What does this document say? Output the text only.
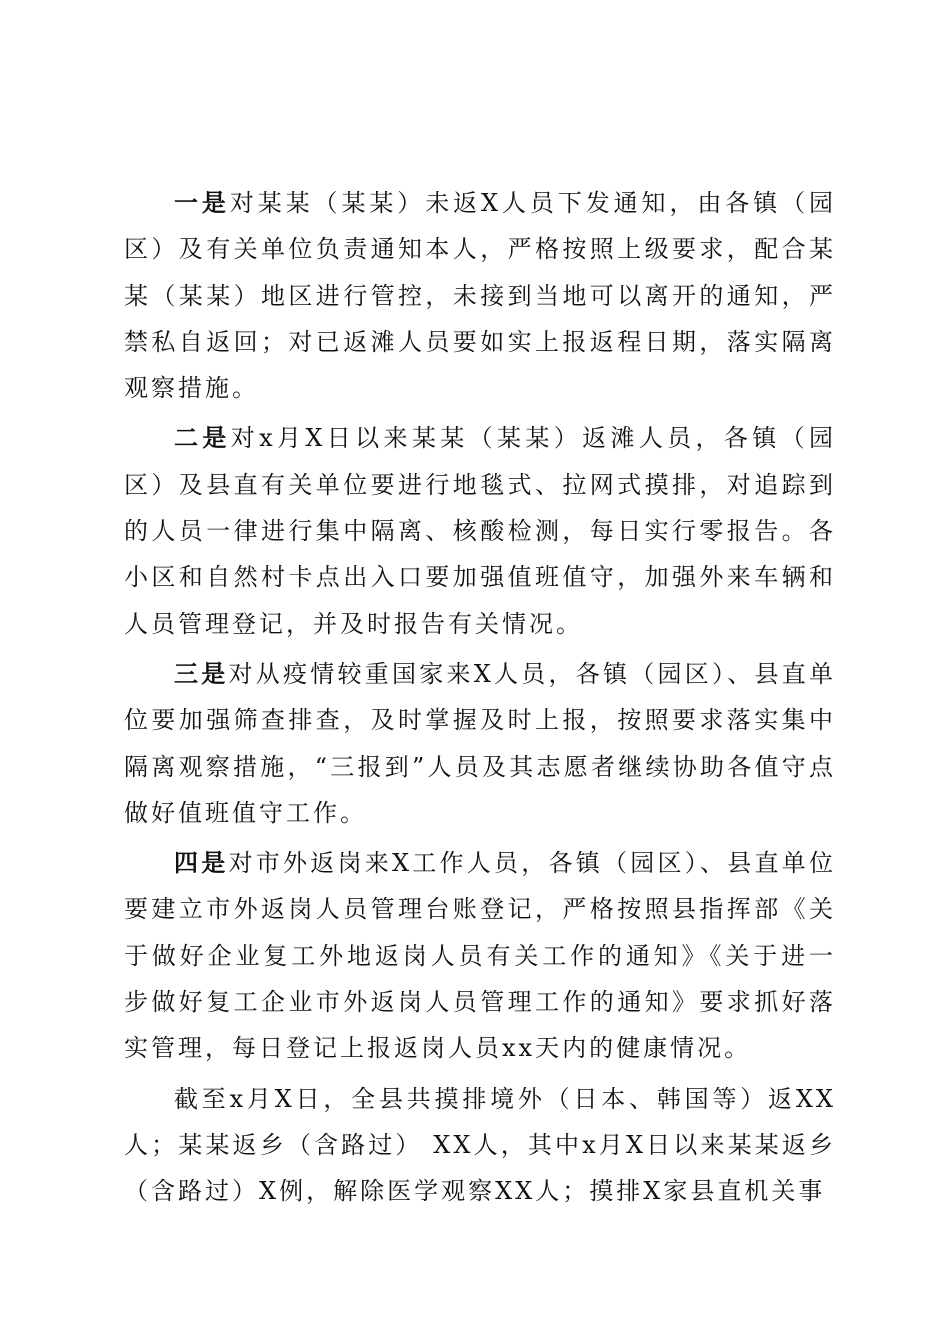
一是对某某（某某）未返X人员下发通知，由各镇（园区）及有关单位负责通知本人，严格按照上级要求，配合某某（某某）地区进行管控，未接到当地可以离开的通知，严禁私自返回；对已返滩人员要如实上报返程日期，落实隔离观察措施。

二是对x月X日以来某某（某某）返滩人员，各镇（园区）及县直有关单位要进行地毯式、拉网式摸排，对追踪到的人员一律进行集中隔离、核酸检测，每日实行零报告。各小区和自然村卡点出入口要加强值班值守，加强外来车辆和人员管理登记，并及时报告有关情况。

三是对从疫情较重国家来X人员，各镇（园区）、县直单位要加强筛查排查，及时掌握及时上报，按照要求落实集中隔离观察措施，“三报到”人员及其志愿者继续协助各值守点做好值班值守工作。

四是对市外返岗来X工作人员，各镇（园区）、县直单位要建立市外返岗人员管理台账登记，严格按照县指挥部《关于做好企业复工外地返岗人员有关工作的通知》《关于进一步做好复工企业市外返岗人员管理工作的通知》要求抓好落实管理，每日登记上报返岗人员xx天内的健康情况。

截至x月X日，全县共摸排境外（日本、韩国等）返XX人；某某返乡（含路过） XX人，其中x月X日以来某某返乡（含路过）X例，解除医学观察XX人；摸排X家县直机关事
